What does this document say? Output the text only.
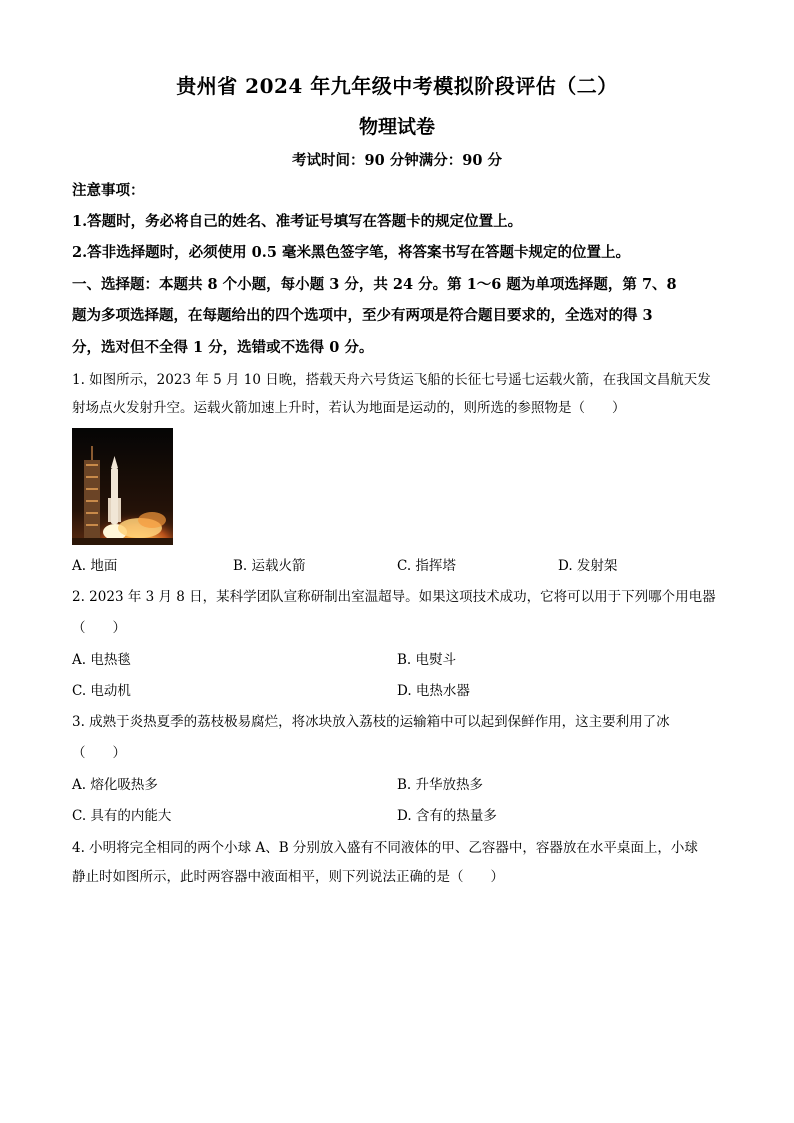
贵州省 2024 年九年级中考模拟阶段评估（二）
物理试卷
考试时间：90 分钟满分：90 分
注意事项：
1.答题时，务必将自己的姓名、准考证号填写在答题卡的规定位置上。
2.答非选择题时，必须使用 0.5 毫米黑色签字笔，将答案书写在答题卡规定的位置上。
一、选择题：本题共 8 个小题，每小题 3 分，共 24 分。第 1～6 题为单项选择题，第 7、8
题为多项选择题，在每题给出的四个选项中，至少有两项是符合题目要求的，全选对的得 3
分，选对但不全得 1 分，选错或不选得 0 分。
1. 如图所示，2023 年 5 月 10 日晚，搭载天舟六号货运飞船的长征七号遥七运载火箭，在我国文昌航天发
射场点火发射升空。运载火箭加速上升时，若认为地面是运动的，则所选的参照物是（　　）
A. 地面	B. 运载火箭	C. 指挥塔	D. 发射架
2. 2023 年 3 月 8 日，某科学团队宣称研制出室温超导。如果这项技术成功，它将可以用于下列哪个用电器
（　　）
A. 电热毯	B. 电熨斗
C. 电动机	D. 电热水器
3. 成熟于炎热夏季的荔枝极易腐烂，将冰块放入荔枝的运输箱中可以起到保鲜作用，这主要利用了冰
（　　）
A. 熔化吸热多	B. 升华放热多
C. 具有的内能大	D. 含有的热量多
4. 小明将完全相同的两个小球 A、B 分别放入盛有不同液体的甲、乙容器中，容器放在水平桌面上，小球
静止时如图所示，此时两容器中液面相平，则下列说法正确的是（　　）
